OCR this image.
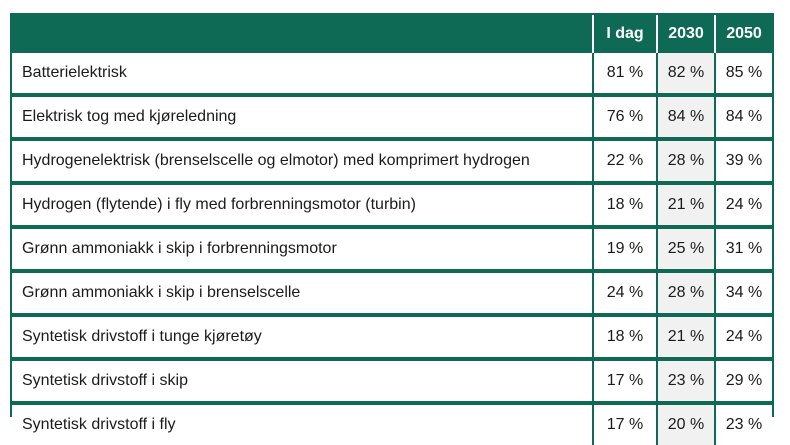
	I dag	2030	2050
Batterielektrisk	81 %	82 %	85 %
Elektrisk tog med kjøreledning	76 %	84 %	84 %
Hydrogenelektrisk (brenselscelle og elmotor) med komprimert hydrogen	22 %	28 %	39 %
Hydrogen (flytende) i fly med forbrenningsmotor (turbin)	18 %	21 %	24 %
Grønn ammoniakk i skip i forbrenningsmotor	19 %	25 %	31 %
Grønn ammoniakk i skip i brenselscelle	24 %	28 %	34 %
Syntetisk drivstoff i tunge kjøretøy	18 %	21 %	24 %
Syntetisk drivstoff i skip	17 %	23 %	29 %
Syntetisk drivstoff i fly	17 %	20 %	23 %
